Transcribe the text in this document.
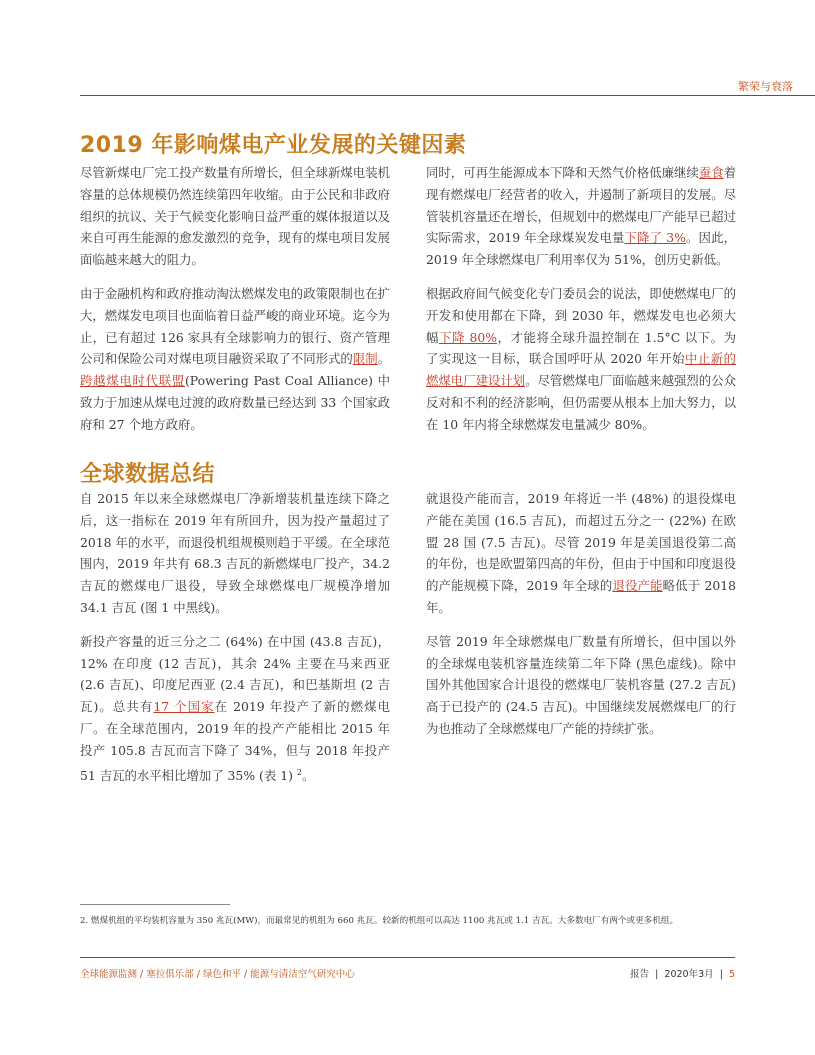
繁荣与衰落
2019 年影响煤电产业发展的关键因素

尽管新煤电厂完工投产数量有所增长，但全球新煤电装机容量的总体规模仍然连续第四年收缩。由于公民和非政府组织的抗议、关于气候变化影响日益严重的媒体报道以及来自可再生能源的愈发激烈的竞争，现有的煤电项目发展面临越来越大的阻力。

由于金融机构和政府推动淘汰燃煤发电的政策限制也在扩大，燃煤发电项目也面临着日益严峻的商业环境。迄今为止，已有超过 126 家具有全球影响力的银行、资产管理公司和保险公司对煤电项目融资采取了不同形式的限制。跨越煤电时代联盟(Powering Past Coal Alliance) 中致力于加速从煤电过渡的政府数量已经达到 33 个国家政府和 27 个地方政府。

同时，可再生能源成本下降和天然气价格低廉继续蚕食着现有燃煤电厂经营者的收入，并遏制了新项目的发展。尽管装机容量还在增长，但规划中的燃煤电厂产能早已超过实际需求，2019 年全球煤炭发电量下降了 3%。因此，2019 年全球燃煤电厂利用率仅为 51%，创历史新低。

根据政府间气候变化专门委员会的说法，即使燃煤电厂的开发和使用都在下降，到 2030 年，燃煤发电也必须大幅下降 80%，才能将全球升温控制在 1.5°C 以下。为了实现这一目标，联合国呼吁从 2020 年开始中止新的燃煤电厂建设计划。尽管燃煤电厂面临越来越强烈的公众反对和不利的经济影响，但仍需要从根本上加大努力，以在 10 年内将全球燃煤发电量减少 80%。

全球数据总结

自 2015 年以来全球燃煤电厂净新增装机量连续下降之后，这一指标在 2019 年有所回升，因为投产量超过了 2018 年的水平，而退役机组规模则趋于平缓。在全球范围内，2019 年共有 68.3 吉瓦的新燃煤电厂投产，34.2 吉瓦的燃煤电厂退役，导致全球燃煤电厂规模净增加 34.1 吉瓦 (图 1 中黑线)。

新投产容量的近三分之二 (64%) 在中国 (43.8 吉瓦)，12% 在印度 (12 吉瓦)，其余 24% 主要在马来西亚 (2.6 吉瓦)、印度尼西亚 (2.4 吉瓦)，和巴基斯坦 (2 吉瓦)。总共有17 个国家在 2019 年投产了新的燃煤电厂。在全球范围内，2019 年的投产产能相比 2015 年投产 105.8 吉瓦而言下降了 34%，但与 2018 年投产 51 吉瓦的水平相比增加了 35% (表 1) $^2$。

就退役产能而言，2019 年将近一半 (48%) 的退役煤电产能在美国 (16.5 吉瓦)，而超过五分之一 (22%) 在欧盟 28 国 (7.5 吉瓦)。尽管 2019 年是美国退役第二高的年份，也是欧盟第四高的年份，但由于中国和印度退役的产能规模下降，2019 年全球的退役产能略低于 2018 年。

尽管 2019 年全球燃煤电厂数量有所增长，但中国以外的全球煤电装机容量连续第二年下降 (黑色虚线)。除中国外其他国家合计退役的燃煤电厂装机容量 (27.2 吉瓦) 高于已投产的 (24.5 吉瓦)。中国继续发展燃煤电厂的行为也推动了全球燃煤电厂产能的持续扩张。

2. 燃煤机组的平均装机容量为 350 兆瓦(MW)，而最常见的机组为 660 兆瓦。较新的机组可以高达 1100 兆瓦或 1.1 吉瓦。大多数电厂有两个或更多机组。
全球能源监测 / 塞拉俱乐部 / 绿色和平 / 能源与清洁空气研究中心	报告 | 2020年3月 | 5
